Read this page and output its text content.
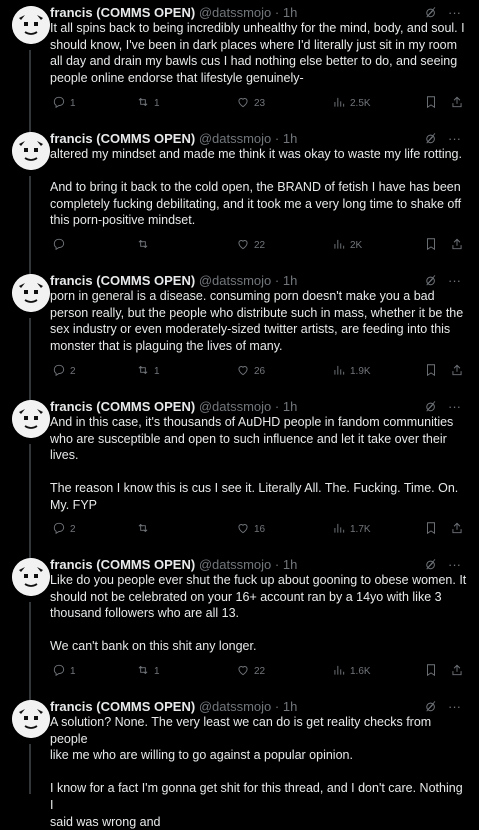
francis (COMMS OPEN) @datssmojo · 1h	⊘̸ ···
It all spins back to being incredibly unhealthy for the mind, body, and soul. I
should know, I've been in dark places where I'd literally just sit in my room
all day and drain my bawls cus I had nothing else better to do, and seeing
people online endorse that lifestyle genuinely-
1	1	23	2.5K
francis (COMMS OPEN) @datssmojo · 1h	⊘̸ ···
altered my mindset and made me think it was okay to waste my life rotting.

And to bring it back to the cold open, the BRAND of fetish I have has been
completely fucking debilitating, and it took me a very long time to shake off
this porn-positive mindset.
22	2K
francis (COMMS OPEN) @datssmojo · 1h	⊘̸ ···
porn in general is a disease. consuming porn doesn't make you a bad
person really, but the people who distribute such in mass, whether it be the
sex industry or even moderately-sized twitter artists, are feeding into this
monster that is plaguing the lives of many.
2	1	26	1.9K
francis (COMMS OPEN) @datssmojo · 1h	⊘̸ ···
And in this case, it's thousands of AuDHD people in fandom communities
who are susceptible and open to such influence and let it take over their
lives.

The reason I know this is cus I see it. Literally All. The. Fucking. Time. On.
My. FYP
2	16	1.7K
francis (COMMS OPEN) @datssmojo · 1h	⊘̸ ···
Like do you people ever shut the fuck up about gooning to obese women. It
should not be celebrated on your 16+ account ran by a 14yo with like 3
thousand followers who are all 13.

We can't bank on this shit any longer.
1	1	22	1.6K
francis (COMMS OPEN) @datssmojo · 1h	⊘̸ ···
A solution? None. The very least we can do is get reality checks from people
like me who are willing to go against a popular opinion.

I know for a fact I'm gonna get shit for this thread, and I don't care. Nothing I
said was wrong and
